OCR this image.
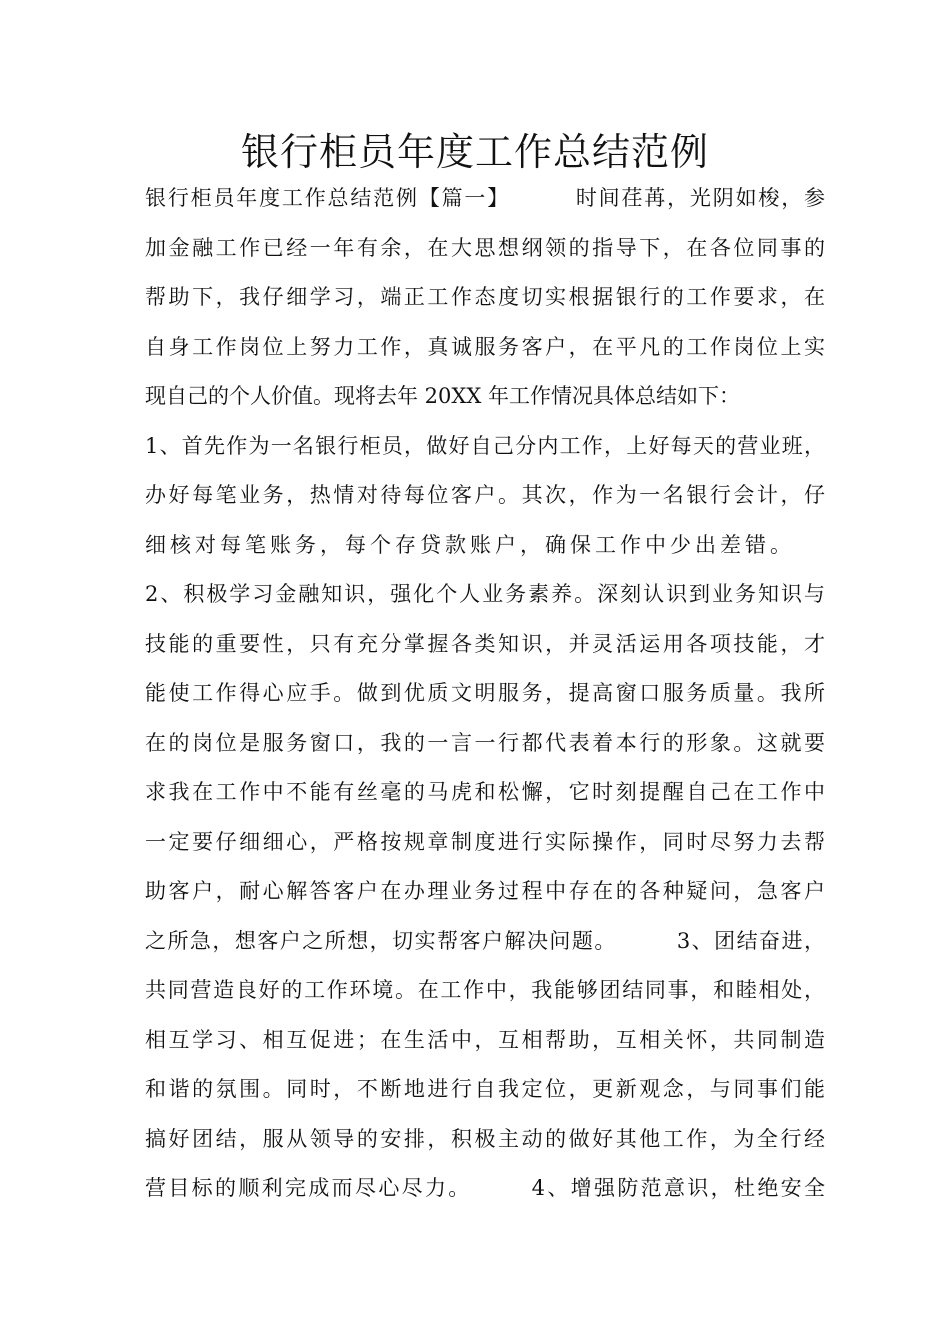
银行柜员年度工作总结范例
银行柜员年度工作总结范例【篇一】	时间荏苒，光阴如梭，参
加金融工作已经一年有余，在大思想纲领的指导下，在各位同事的
帮助下，我仔细学习，端正工作态度切实根据银行的工作要求，在
自身工作岗位上努力工作，真诚服务客户，在平凡的工作岗位上实
现自己的个人价值。现将去年 20XX 年工作情况具体总结如下：
1、首先作为一名银行柜员，做好自己分内工作，上好每天的营业班，
办好每笔业务，热情对待每位客户。其次，作为一名银行会计，仔
细核对每笔账务，每个存贷款账户，确保工作中少出差错。
2、积极学习金融知识，强化个人业务素养。深刻认识到业务知识与
技能的重要性，只有充分掌握各类知识，并灵活运用各项技能，才
能使工作得心应手。做到优质文明服务，提高窗口服务质量。我所
在的岗位是服务窗口，我的一言一行都代表着本行的形象。这就要
求我在工作中不能有丝毫的马虎和松懈，它时刻提醒自己在工作中
一定要仔细细心，严格按规章制度进行实际操作，同时尽努力去帮
助客户，耐心解答客户在办理业务过程中存在的各种疑问，急客户
之所急，想客户之所想，切实帮客户解决问题。	3、团结奋进，
共同营造良好的工作环境。在工作中，我能够团结同事，和睦相处，
相互学习、相互促进；在生活中，互相帮助，互相关怀，共同制造
和谐的氛围。同时，不断地进行自我定位，更新观念，与同事们能
搞好团结，服从领导的安排，积极主动的做好其他工作，为全行经
营目标的顺利完成而尽心尽力。	4、增强防范意识，杜绝安全
